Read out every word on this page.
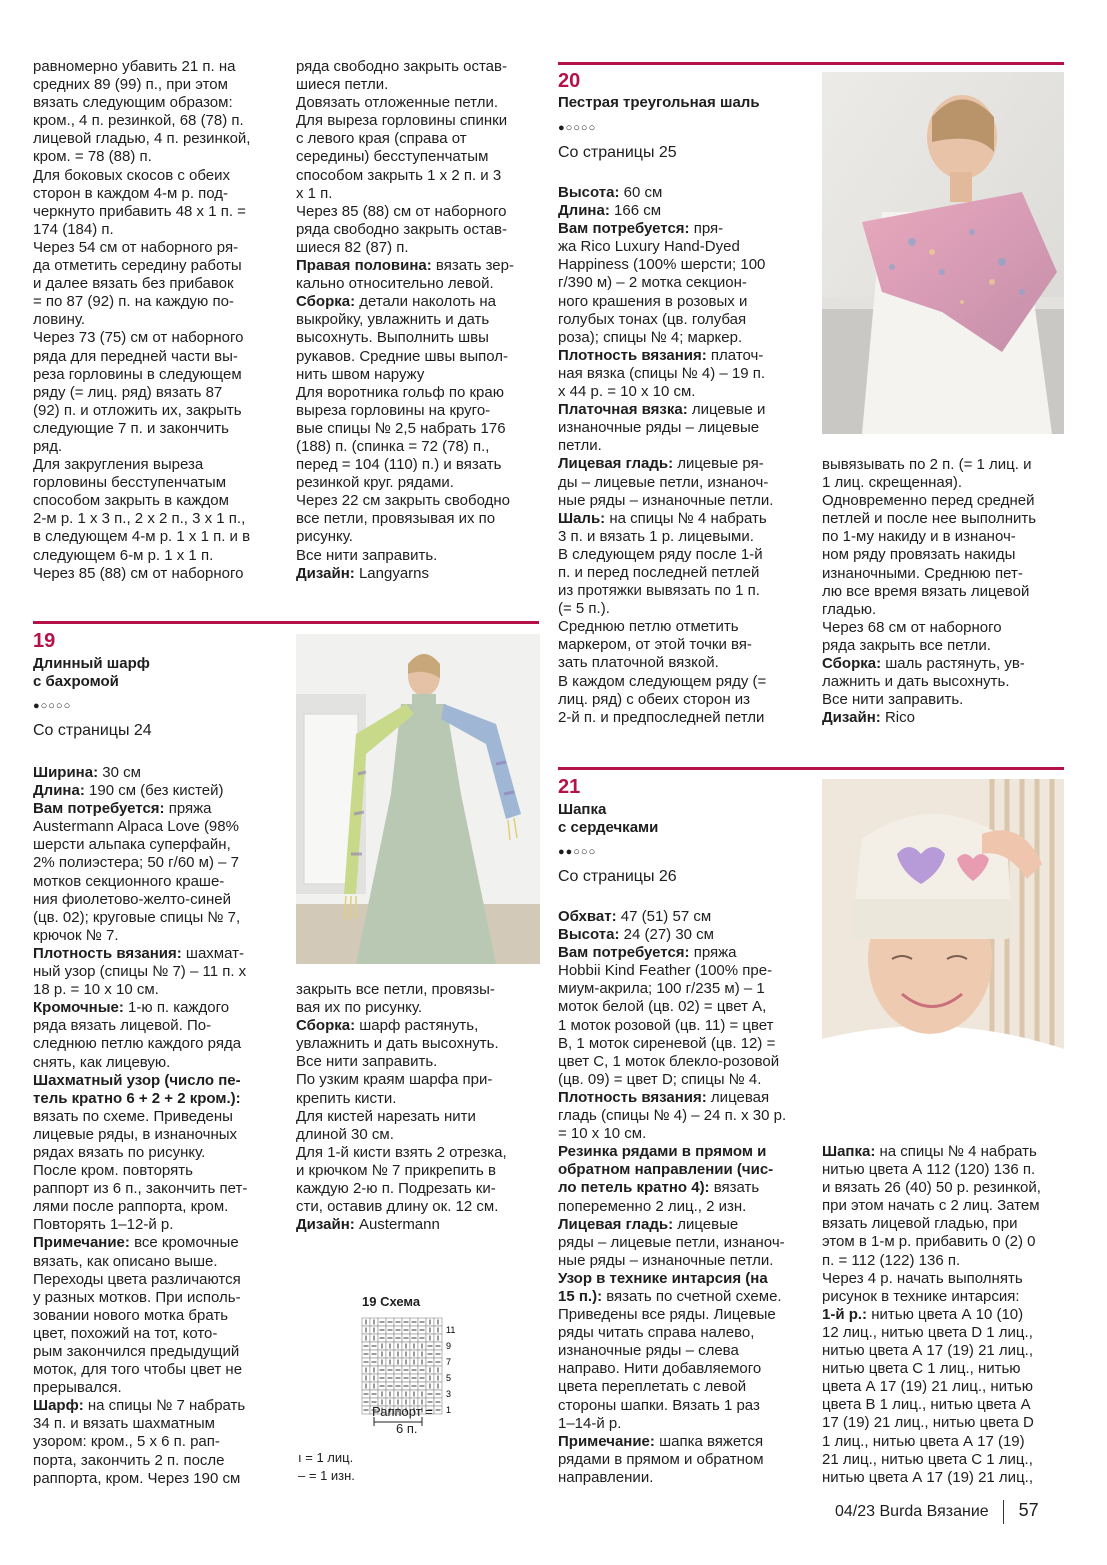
равномерно убавить 21 п. на

средних 89 (99) п., при этом

вязать следующим образом:

кром., 4 п. резинкой, 68 (78) п.

лицевой гладью, 4 п. резинкой,

кром. = 78 (88) п.

Для боковых скосов с обеих

сторон в каждом 4-м р. под-

черкнуто прибавить 48 х 1 п. =

174 (184) п.

Через 54 см от наборного ря-

да отметить середину работы

и далее вязать без прибавок

= по 87 (92) п. на каждую по-

ловину.

Через 73 (75) см от наборного

ряда для передней части вы-

реза горловины в следующем

ряду (= лиц. ряд) вязать 87

(92) п. и отложить их, закрыть

следующие 7 п. и закончить

ряд.

Для закругления выреза

горловины бесступенчатым

способом закрыть в каждом

2-м р. 1 х 3 п., 2 х 2 п., 3 х 1 п.,

в следующем 4-м р. 1 х 1 п. и в

следующем 6-м р. 1 х 1 п.

Через 85 (88) см от наборного

ряда свободно закрыть остав-

шиеся петли.

Довязать отложенные петли.

Для выреза горловины спинки

с левого края (справа от

середины) бесступенчатым

способом закрыть 1 х 2 п. и 3

х 1 п.

Через 85 (88) см от наборного

ряда свободно закрыть остав-

шиеся 82 (87) п.

Правая половина: вязать зер-

кально относительно левой.

Сборка: детали наколоть на

выкройку, увлажнить и дать

высохнуть. Выполнить швы

рукавов. Средние швы выпол-

нить швом наружу

Для воротника гольф по краю

выреза горловины на круго-

вые спицы № 2,5 набрать 176

(188) п. (спинка = 72 (78) п.,

перед = 104 (110) п.) и вязать

резинкой круг. рядами.

Через 22 см закрыть свободно

все петли, провязывая их по

рисунку.

Все нити заправить.

Дизайн: Langyarns

20
Пестрая треугольная шаль
●○○○○
Со страницы 25

Высота: 60 см

Длина: 166 см

Вам потребуется: пря-

жа Rico Luxury Hand-Dyed

Happiness (100% шерсти; 100

г/390 м) – 2 мотка секцион-

ного крашения в розовых и

голубых тонах (цв. голубая

роза); спицы № 4; маркер.

Плотность вязания: платоч-

ная вязка (спицы № 4) – 19 п.

х 44 р. = 10 х 10 см.

Платочная вязка: лицевые и

изнаночные ряды – лицевые

петли.

Лицевая гладь: лицевые ря-

ды – лицевые петли, изнаноч-

ные ряды – изнаночные петли.

Шаль: на спицы № 4 набрать

3 п. и вязать 1 р. лицевыми.

В следующем ряду после 1-й

п. и перед последней петлей

из протяжки вывязать по 1 п.

(= 5 п.).

Среднюю петлю отметить

маркером, от этой точки вя-

зать платочной вязкой.

В каждом следующем ряду (=

лиц. ряд) с обеих сторон из

2-й п. и предпоследней петли

вывязывать по 2 п. (= 1 лиц. и

1 лиц. скрещенная).

Одновременно перед средней

петлей и после нее выполнить

по 1-му накиду и в изнаноч-

ном ряду провязать накиды

изнаночными. Среднюю пет-

лю все время вязать лицевой

гладью.

Через 68 см от наборного

ряда закрыть все петли.

Сборка: шаль растянуть, ув-

лажнить и дать высохнуть.

Все нити заправить.

Дизайн: Rico

19
Длинный шарф
с бахромой
●○○○○
Со страницы 24

Ширина: 30 см

Длина: 190 см (без кистей)

Вам потребуется: пряжа

Austermann Alpaca Love (98%

шерсти альпака суперфайн,

2% полиэстера; 50 г/60 м) – 7

мотков секционного краше-

ния фиолетово-желто-синей

(цв. 02); круговые спицы № 7,

крючок № 7.

Плотность вязания: шахмат-

ный узор (спицы № 7) – 11 п. х

18 р. = 10 х 10 см.

Кромочные: 1-ю п. каждого

ряда вязать лицевой. По-

следнюю петлю каждого ряда

снять, как лицевую.

Шахматный узор (число пе-

тель кратно 6 + 2 + 2 кром.):

вязать по схеме. Приведены

лицевые ряды, в изнаночных

рядах вязать по рисунку.

После кром. повторять

раппорт из 6 п., закончить пет-

лями после раппорта, кром.

Повторять 1–12-й р.

Примечание: все кромочные

вязать, как описано выше.

Переходы цвета различаются

у разных мотков. При исполь-

зовании нового мотка брать

цвет, похожий на тот, кото-

рым закончился предыдущий

моток, для того чтобы цвет не

прерывался.

Шарф: на спицы № 7 набрать

34 п. и вязать шахматным

узором: кром., 5 х 6 п. рап-

порта, закончить 2 п. после

раппорта, кром. Через 190 см

закрыть все петли, провязы-

вая их по рисунку.

Сборка: шарф растянуть,

увлажнить и дать высохнуть.

Все нити заправить.

По узким краям шарфа при-

крепить кисти.

Для кистей нарезать нити

длиной 30 см.

Для 1-й кисти взять 2 отрезка,

и крючком № 7 прикрепить в

каждую 2-ю п. Подрезать ки-

сти, оставив длину ок. 12 см.

Дизайн: Austermann

19 Схема
11
9
7
5
3
1
Раппорт =
6 п.
ı = 1 лиц.
– = 1 изн.
21
Шапка
с сердечками
●●○○○
Со страницы 26

Обхват: 47 (51) 57 см

Высота: 24 (27) 30 см

Вам потребуется: пряжа

Hobbii Kind Feather (100% пре-

миум-акрила; 100 г/235 м) – 1

моток белой (цв. 02) = цвет А,

1 моток розовой (цв. 11) = цвет

В, 1 моток сиреневой (цв. 12) =

цвет С, 1 моток блекло-розовой

(цв. 09) = цвет D; спицы № 4.

Плотность вязания: лицевая

гладь (спицы № 4) – 24 п. х 30 р.

= 10 х 10 см.

Резинка рядами в прямом и

обратном направлении (чис-

ло петель кратно 4): вязать

попеременно 2 лиц., 2 изн.

Лицевая гладь: лицевые

ряды – лицевые петли, изнаноч-

ные ряды – изнаночные петли.

Узор в технике интарсия (на

15 п.): вязать по счетной схеме.

Приведены все ряды. Лицевые

ряды читать справа налево,

изнаночные ряды – слева

направо. Нити добавляемого

цвета переплетать с левой

стороны шапки. Вязать 1 раз

1–14-й р.

Примечание: шапка вяжется

рядами в прямом и обратном

направлении.

Шапка: на спицы № 4 набрать

нитью цвета А 112 (120) 136 п.

и вязать 26 (40) 50 р. резинкой,

при этом начать с 2 лиц. Затем

вязать лицевой гладью, при

этом в 1-м р. прибавить 0 (2) 0

п. = 112 (122) 136 п.

Через 4 р. начать выполнять

рисунок в технике интарсия:

1-й р.: нитью цвета А 10 (10)

12 лиц., нитью цвета D 1 лиц.,

нитью цвета А 17 (19) 21 лиц.,

нитью цвета С 1 лиц., нитью

цвета А 17 (19) 21 лиц., нитью

цвета В 1 лиц., нитью цвета А

17 (19) 21 лиц., нитью цвета D

1 лиц., нитью цвета А 17 (19)

21 лиц., нитью цвета С 1 лиц.,

нитью цвета А 17 (19) 21 лиц.,

04/23 Burda Вязание 57
